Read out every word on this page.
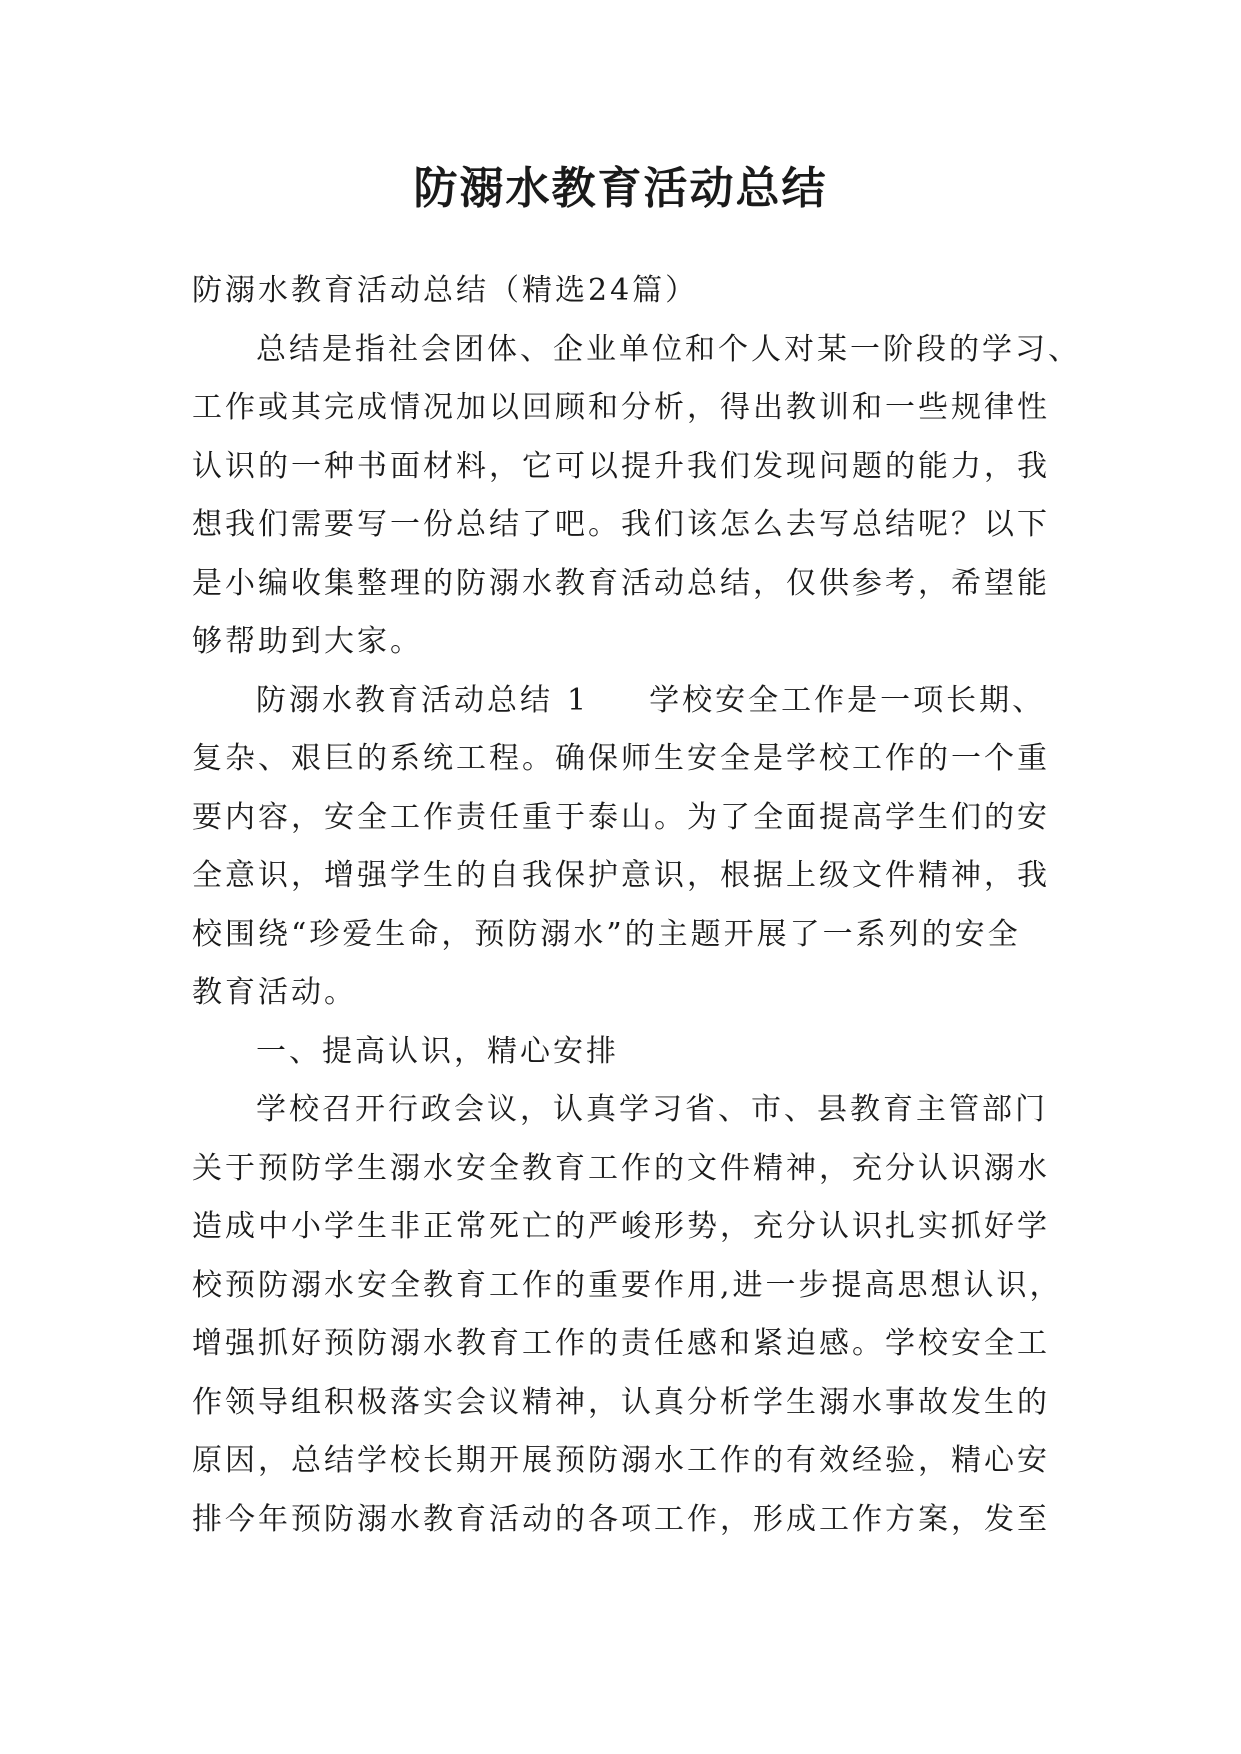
防溺水教育活动总结
防溺水教育活动总结（精选24篇）
总结是指社会团体、企业单位和个人对某一阶段的学习、
工作或其完成情况加以回顾和分析，得出教训和一些规律性
认识的一种书面材料，它可以提升我们发现问题的能力，我
想我们需要写一份总结了吧。我们该怎么去写总结呢？以下
是小编收集整理的防溺水教育活动总结，仅供参考，希望能
够帮助到大家。
防溺水教育活动总结 1 学校安全工作是一项长期、
复杂、艰巨的系统工程。确保师生安全是学校工作的一个重
要内容，安全工作责任重于泰山。为了全面提高学生们的安
全意识，增强学生的自我保护意识，根据上级文件精神，我
校围绕“珍爱生命，预防溺水”的主题开展了一系列的安全
教育活动。
一、提高认识，精心安排
学校召开行政会议，认真学习省、市、县教育主管部门
关于预防学生溺水安全教育工作的文件精神，充分认识溺水
造成中小学生非正常死亡的严峻形势，充分认识扎实抓好学
校预防溺水安全教育工作的重要作用,进一步提高思想认识，
增强抓好预防溺水教育工作的责任感和紧迫感。学校安全工
作领导组积极落实会议精神，认真分析学生溺水事故发生的
原因，总结学校长期开展预防溺水工作的有效经验，精心安
排今年预防溺水教育活动的各项工作，形成工作方案，发至
